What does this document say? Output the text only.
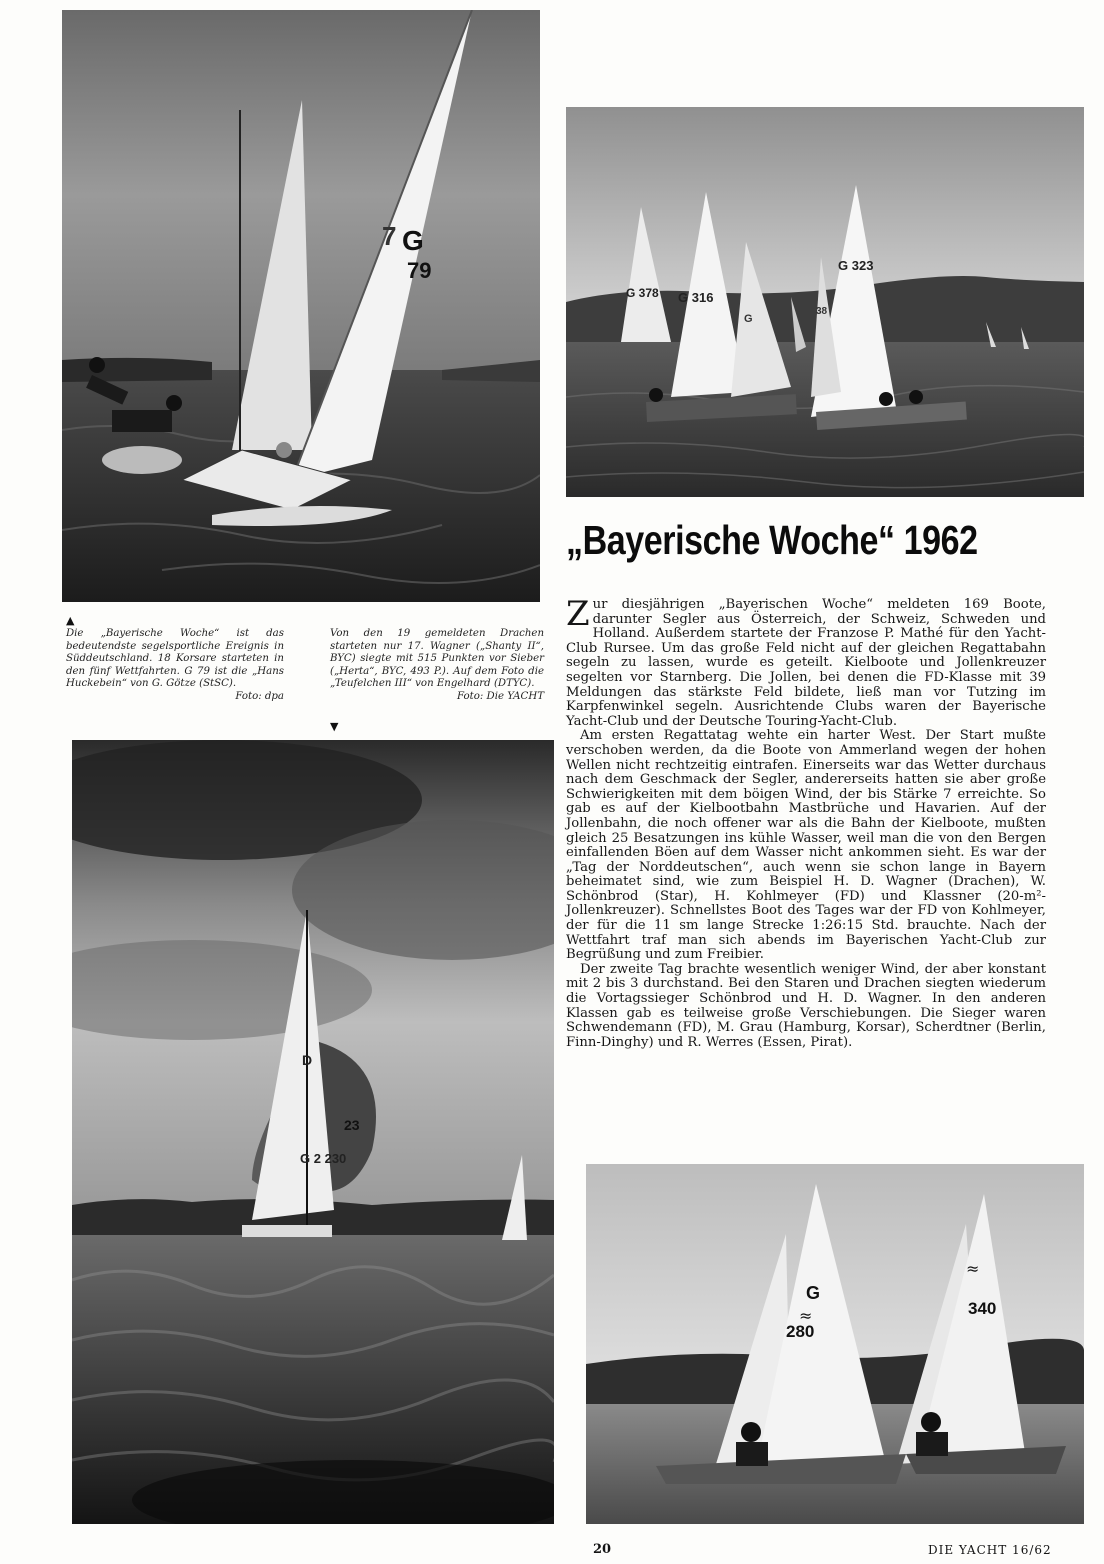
G
7
79
G 378 G 316
G 323
38
G
▲
Die „Bayerische Woche“ ist das bedeutendste segelsportliche Ereignis in Süddeutschland. 18 Korsare starteten in den fünf Wettfahrten. G 79 ist die „Hans Huckebein“ von G. Götze (StSC).
Foto: dpa
Von den 19 gemeldeten Drachen starteten nur 17. Wagner („Shanty II“, BYC) siegte mit 515 Punkten vor Sieber („Herta“, BYC, 493 P.). Auf dem Foto die „Teufelchen III“ von Engelhard (DTYC).
Foto: Die YACHT
▼
D
23
G 2 230
„Bayerische Woche“ 1962

Zur diesjährigen „Bayerischen Woche“ meldeten 169 Boote, darunter Segler aus Österreich, der Schweiz, Schweden und Holland. Außerdem startete der Franzose P. Mathé für den Yacht-Club Rursee. Um das große Feld nicht auf der gleichen Regattabahn segeln zu lassen, wurde es geteilt. Kielboote und Jollenkreuzer segelten vor Starnberg. Die Jollen, bei denen die FD-Klasse mit 39 Meldungen das stärkste Feld bildete, ließ man vor Tutzing im Karpfenwinkel segeln. Ausrichtende Clubs waren der Bayerische Yacht-Club und der Deutsche Touring-Yacht-Club.

Am ersten Regattatag wehte ein harter West. Der Start mußte verschoben werden, da die Boote von Ammerland wegen der hohen Wellen nicht rechtzeitig eintrafen. Einerseits war das Wetter durchaus nach dem Geschmack der Segler, andererseits hatten sie aber große Schwierigkeiten mit dem böigen Wind, der bis Stärke 7 erreichte. So gab es auf der Kielbootbahn Mastbrüche und Havarien. Auf der Jollenbahn, die noch offener war als die Bahn der Kielboote, mußten gleich 25 Besatzungen ins kühle Wasser, weil man die von den Bergen einfallenden Böen auf dem Wasser nicht ankommen sieht. Es war der „Tag der Norddeutschen“, auch wenn sie schon lange in Bayern beheimatet sind, wie zum Beispiel H. D. Wagner (Drachen), W. Schönbrod (Star), H. Kohlmeyer (FD) und Klassner (20-m²-Jollenkreuzer). Schnellstes Boot des Tages war der FD von Kohlmeyer, der für die 11 sm lange Strecke 1:26:15 Std. brauchte. Nach der Wettfahrt traf man sich abends im Bayerischen Yacht-Club zur Begrüßung und zum Freibier.

Der zweite Tag brachte wesentlich weniger Wind, der aber konstant mit 2 bis 3 durchstand. Bei den Staren und Drachen siegten wiederum die Vortagssieger Schönbrod und H. D. Wagner. In den anderen Klassen gab es teilweise große Verschiebungen. Die Sieger waren Schwendemann (FD), M. Grau (Hamburg, Korsar), Scherdtner (Berlin, Finn-Dinghy) und R. Werres (Essen, Pirat).

G
≈
280
≈
340
20	DIE YACHT 16/62
